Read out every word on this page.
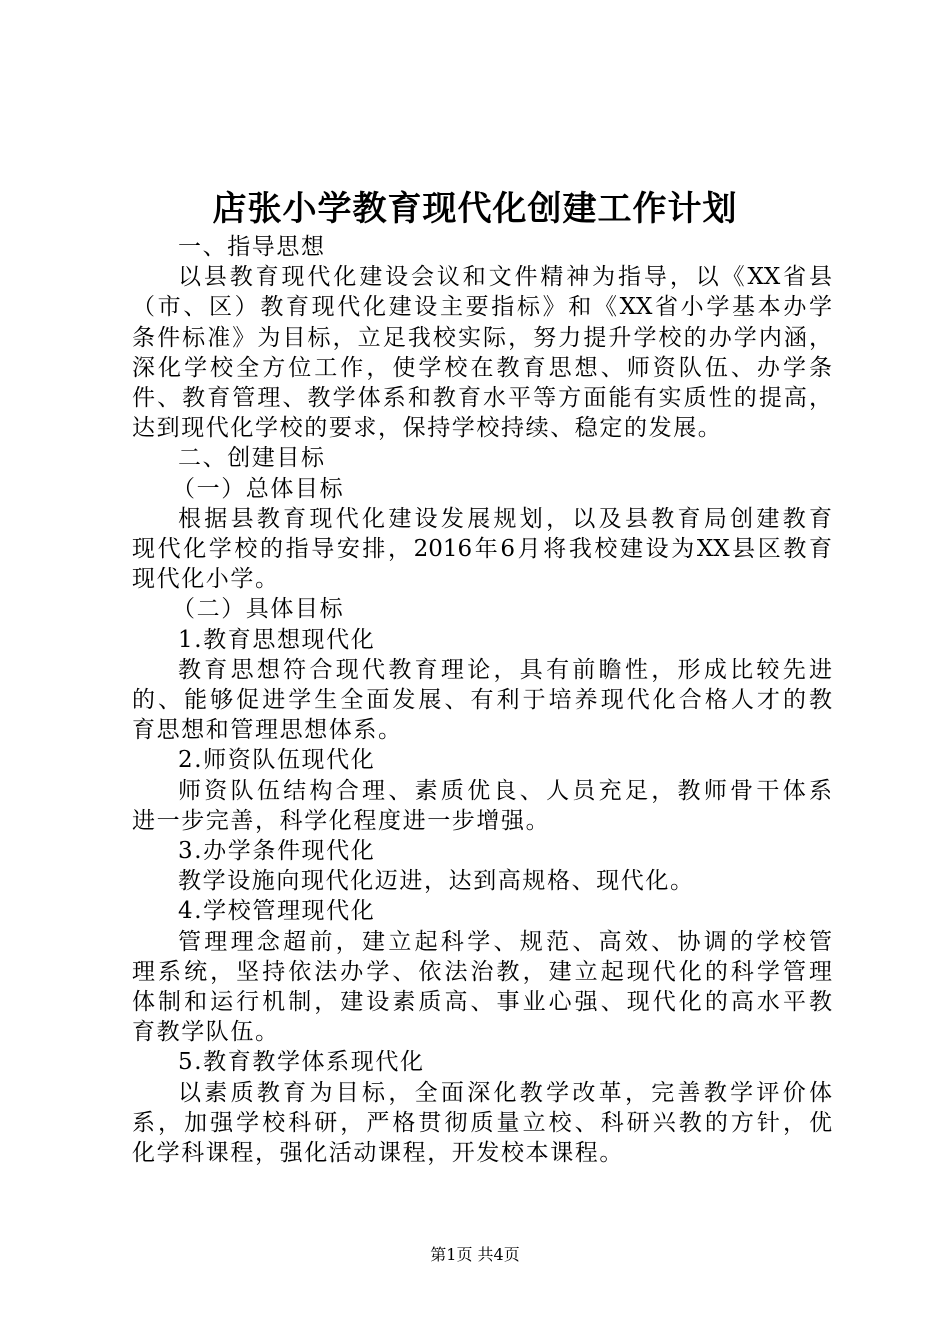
店张小学教育现代化创建工作计划

一、指导思想

以县教育现代化建设会议和文件精神为指导，以《XX省县

（市、区）教育现代化建设主要指标》和《XX省小学基本办学

条件标准》为目标，立足我校实际，努力提升学校的办学内涵，

深化学校全方位工作，使学校在教育思想、师资队伍、办学条

件、教育管理、教学体系和教育水平等方面能有实质性的提高，

达到现代化学校的要求，保持学校持续、稳定的发展。

二、创建目标

（一）总体目标

根据县教育现代化建设发展规划，以及县教育局创建教育

现代化学校的指导安排，2016年6月将我校建设为XX县区教育

现代化小学。

（二）具体目标

1.教育思想现代化

教育思想符合现代教育理论，具有前瞻性，形成比较先进

的、能够促进学生全面发展、有利于培养现代化合格人才的教

育思想和管理思想体系。

2.师资队伍现代化

师资队伍结构合理、素质优良、人员充足，教师骨干体系

进一步完善，科学化程度进一步增强。

3.办学条件现代化

教学设施向现代化迈进，达到高规格、现代化。

4.学校管理现代化

管理理念超前，建立起科学、规范、高效、协调的学校管

理系统，坚持依法办学、依法治教，建立起现代化的科学管理

体制和运行机制，建设素质高、事业心强、现代化的高水平教

育教学队伍。

5.教育教学体系现代化

以素质教育为目标，全面深化教学改革，完善教学评价体

系，加强学校科研，严格贯彻质量立校、科研兴教的方针，优

化学科课程，强化活动课程，开发校本课程。

第1页 共4页
